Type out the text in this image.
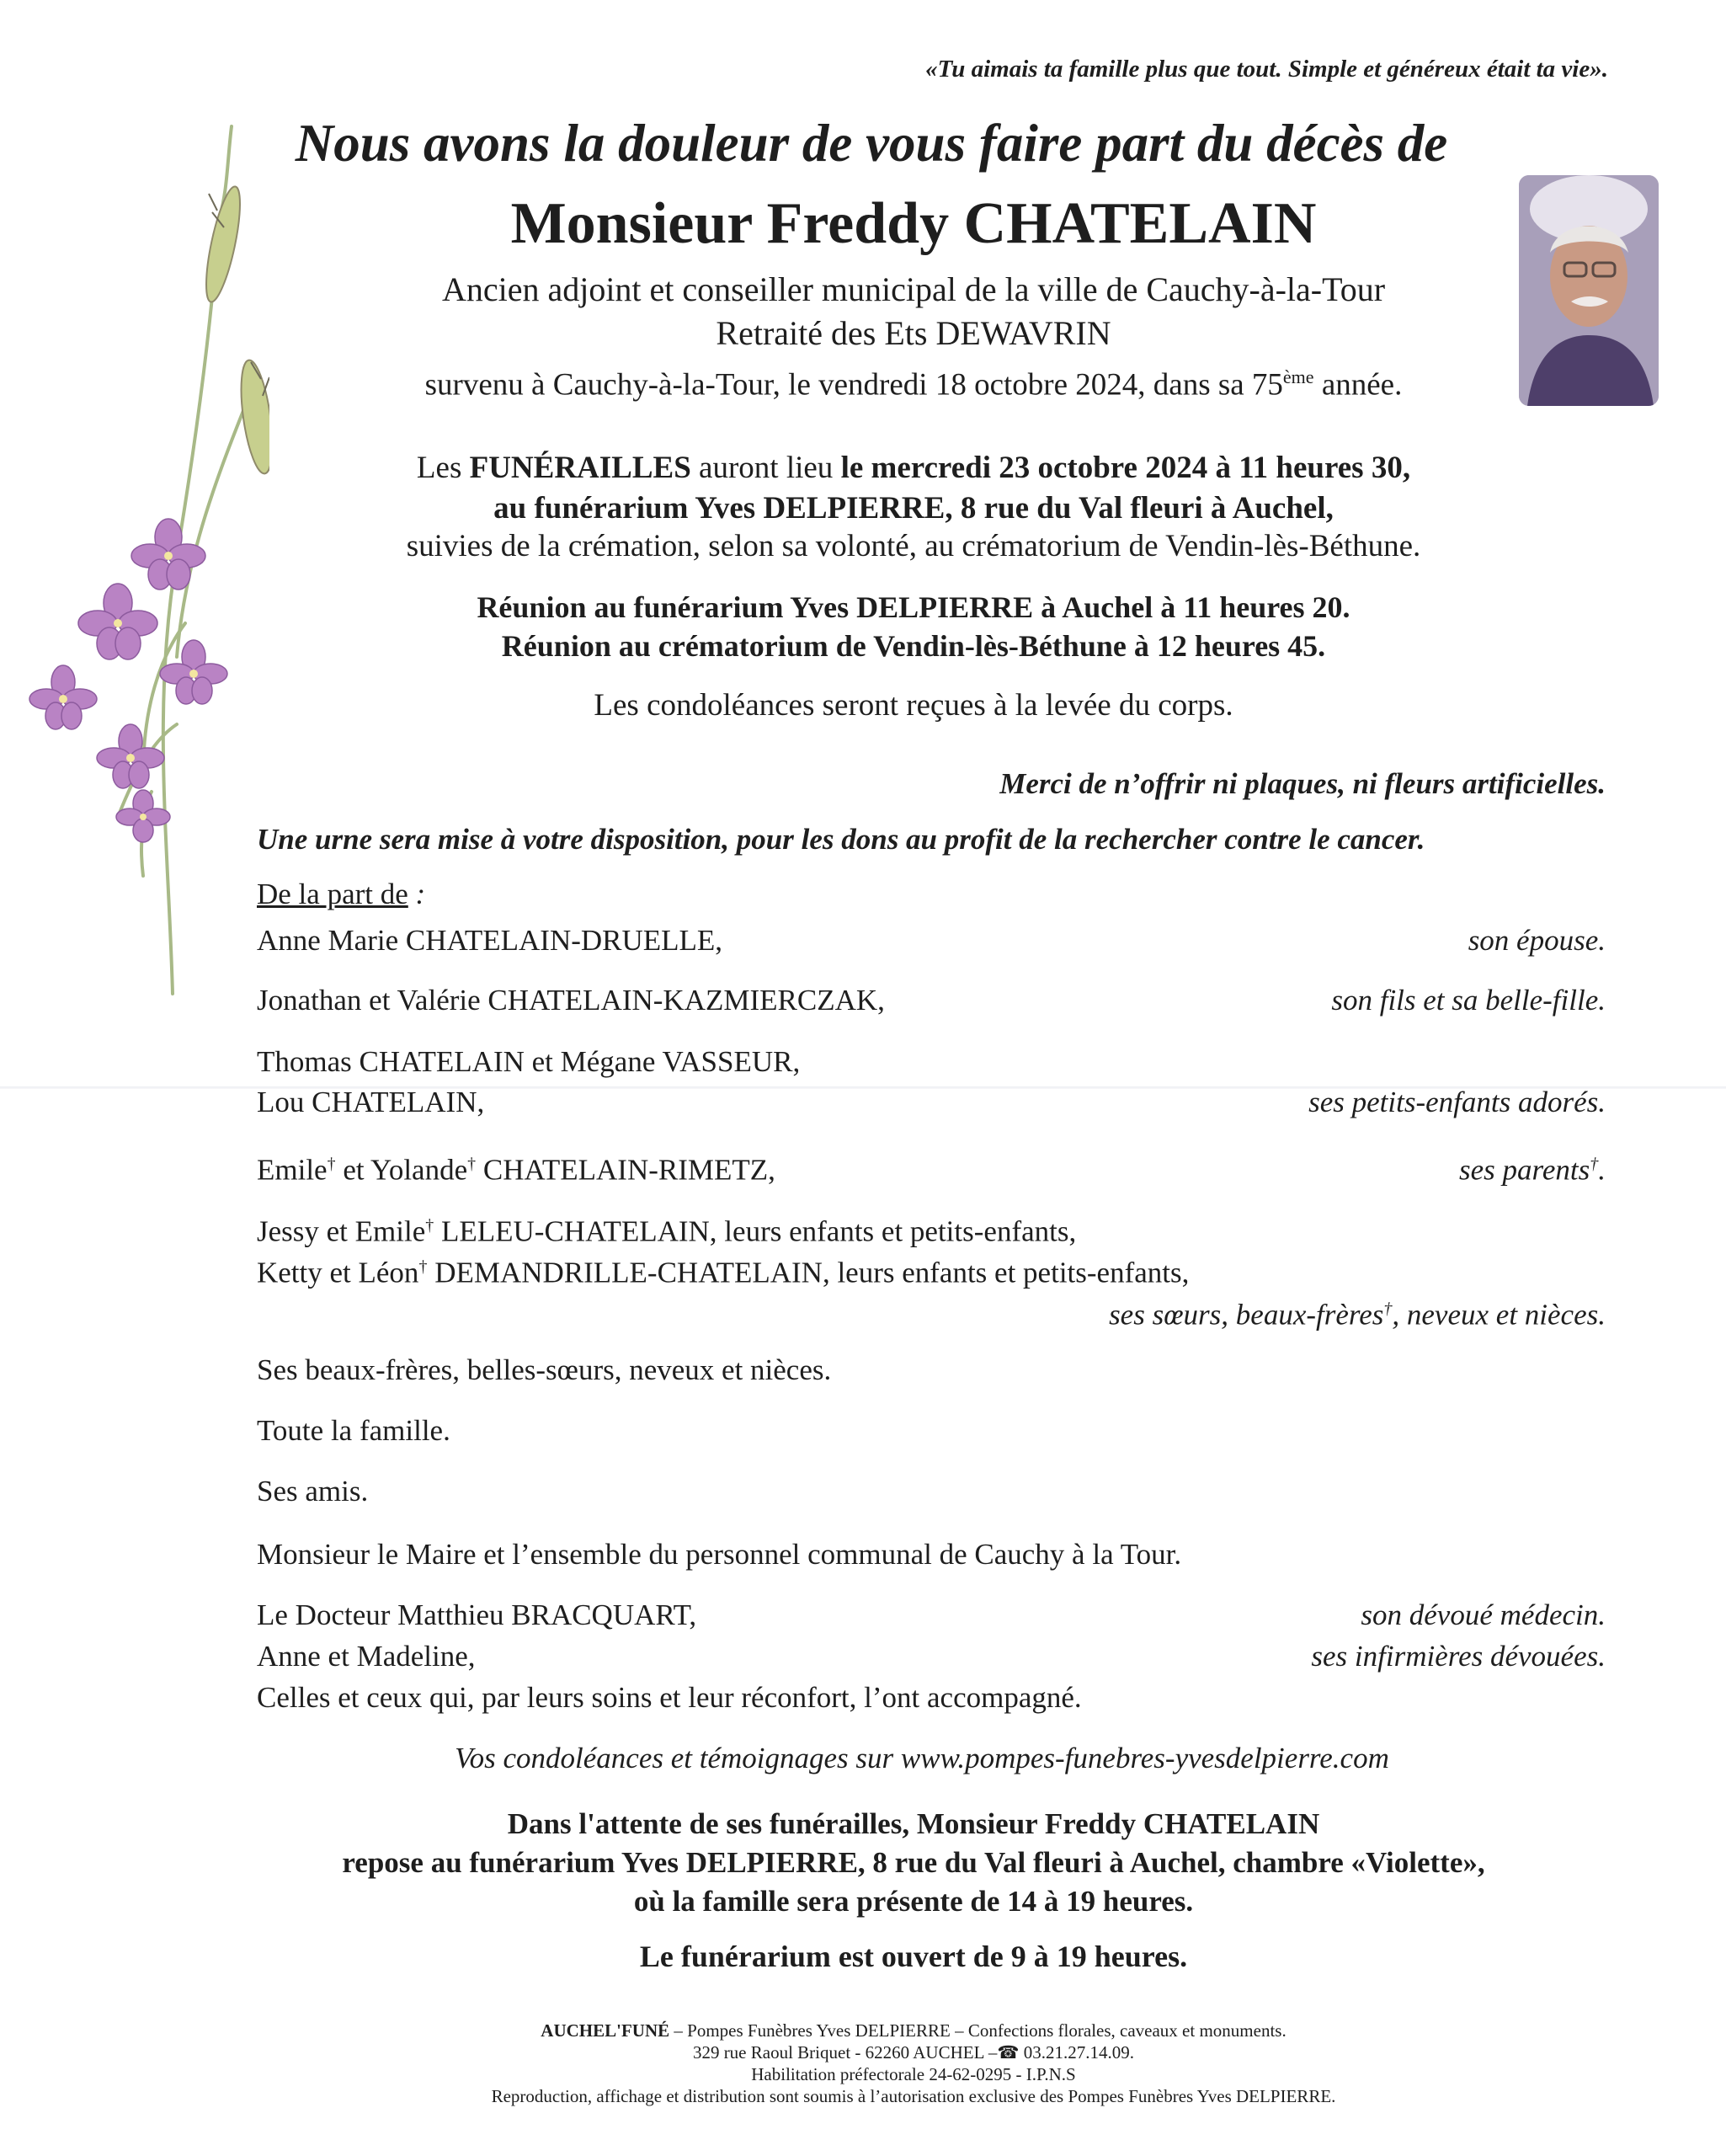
«Tu aimais ta famille plus que tout. Simple et généreux était ta vie».
Nous avons la douleur de vous faire part du décès de
Monsieur Freddy CHATELAIN
Ancien adjoint et conseiller municipal de la ville de Cauchy-à-la-Tour
Retraité des Ets DEWAVRIN
survenu à Cauchy-à-la-Tour, le vendredi 18 octobre 2024, dans sa 75ème année.
Les FUNÉRAILLES auront lieu le mercredi 23 octobre 2024 à 11 heures 30,
au funérarium Yves DELPIERRE, 8 rue du Val fleuri à Auchel,
suivies de la crémation, selon sa volonté, au crématorium de Vendin-lès-Béthune.
Réunion au funérarium Yves DELPIERRE à Auchel à 11 heures 20.
Réunion au crématorium de Vendin-lès-Béthune à 12 heures 45.
Les condoléances seront reçues à la levée du corps.
Merci de n’offrir ni plaques, ni fleurs artificielles.
Une urne sera mise à votre disposition, pour les dons au profit de la rechercher contre le cancer.
De la part de :
Anne Marie CHATELAIN-DRUELLE,	son épouse.
Jonathan et Valérie CHATELAIN-KAZMIERCZAK,	son fils et sa belle-fille.
Thomas CHATELAIN et Mégane VASSEUR,
Lou CHATELAIN,	ses petits-enfants adorés.
Emile† et Yolande† CHATELAIN-RIMETZ,	ses parents†.
Jessy et Emile† LELEU-CHATELAIN, leurs enfants et petits-enfants,
Ketty et Léon† DEMANDRILLE-CHATELAIN, leurs enfants et petits-enfants,
ses sœurs, beaux-frères†, neveux et nièces.
Ses beaux-frères, belles-sœurs, neveux et nièces.
Toute la famille.
Ses amis.
Monsieur le Maire et l’ensemble du personnel communal de Cauchy à la Tour.
Le Docteur Matthieu BRACQUART,	son dévoué médecin.
Anne et Madeline,	ses infirmières dévouées.
Celles et ceux qui, par leurs soins et leur réconfort, l’ont accompagné.
Vos condoléances et témoignages sur www.pompes-funebres-yvesdelpierre.com
Dans l'attente de ses funérailles, Monsieur Freddy CHATELAIN
repose au funérarium Yves DELPIERRE, 8 rue du Val fleuri à Auchel, chambre «Violette»,
où la famille sera présente de 14 à 19 heures.
Le funérarium est ouvert de 9 à 19 heures.
AUCHEL'FUNÉ – Pompes Funèbres Yves DELPIERRE – Confections florales, caveaux et monuments.
329 rue Raoul Briquet - 62260 AUCHEL –☎ 03.21.27.14.09.
Habilitation préfectorale 24-62-0295 - I.P.N.S
Reproduction, affichage et distribution sont soumis à l’autorisation exclusive des Pompes Funèbres Yves DELPIERRE.
